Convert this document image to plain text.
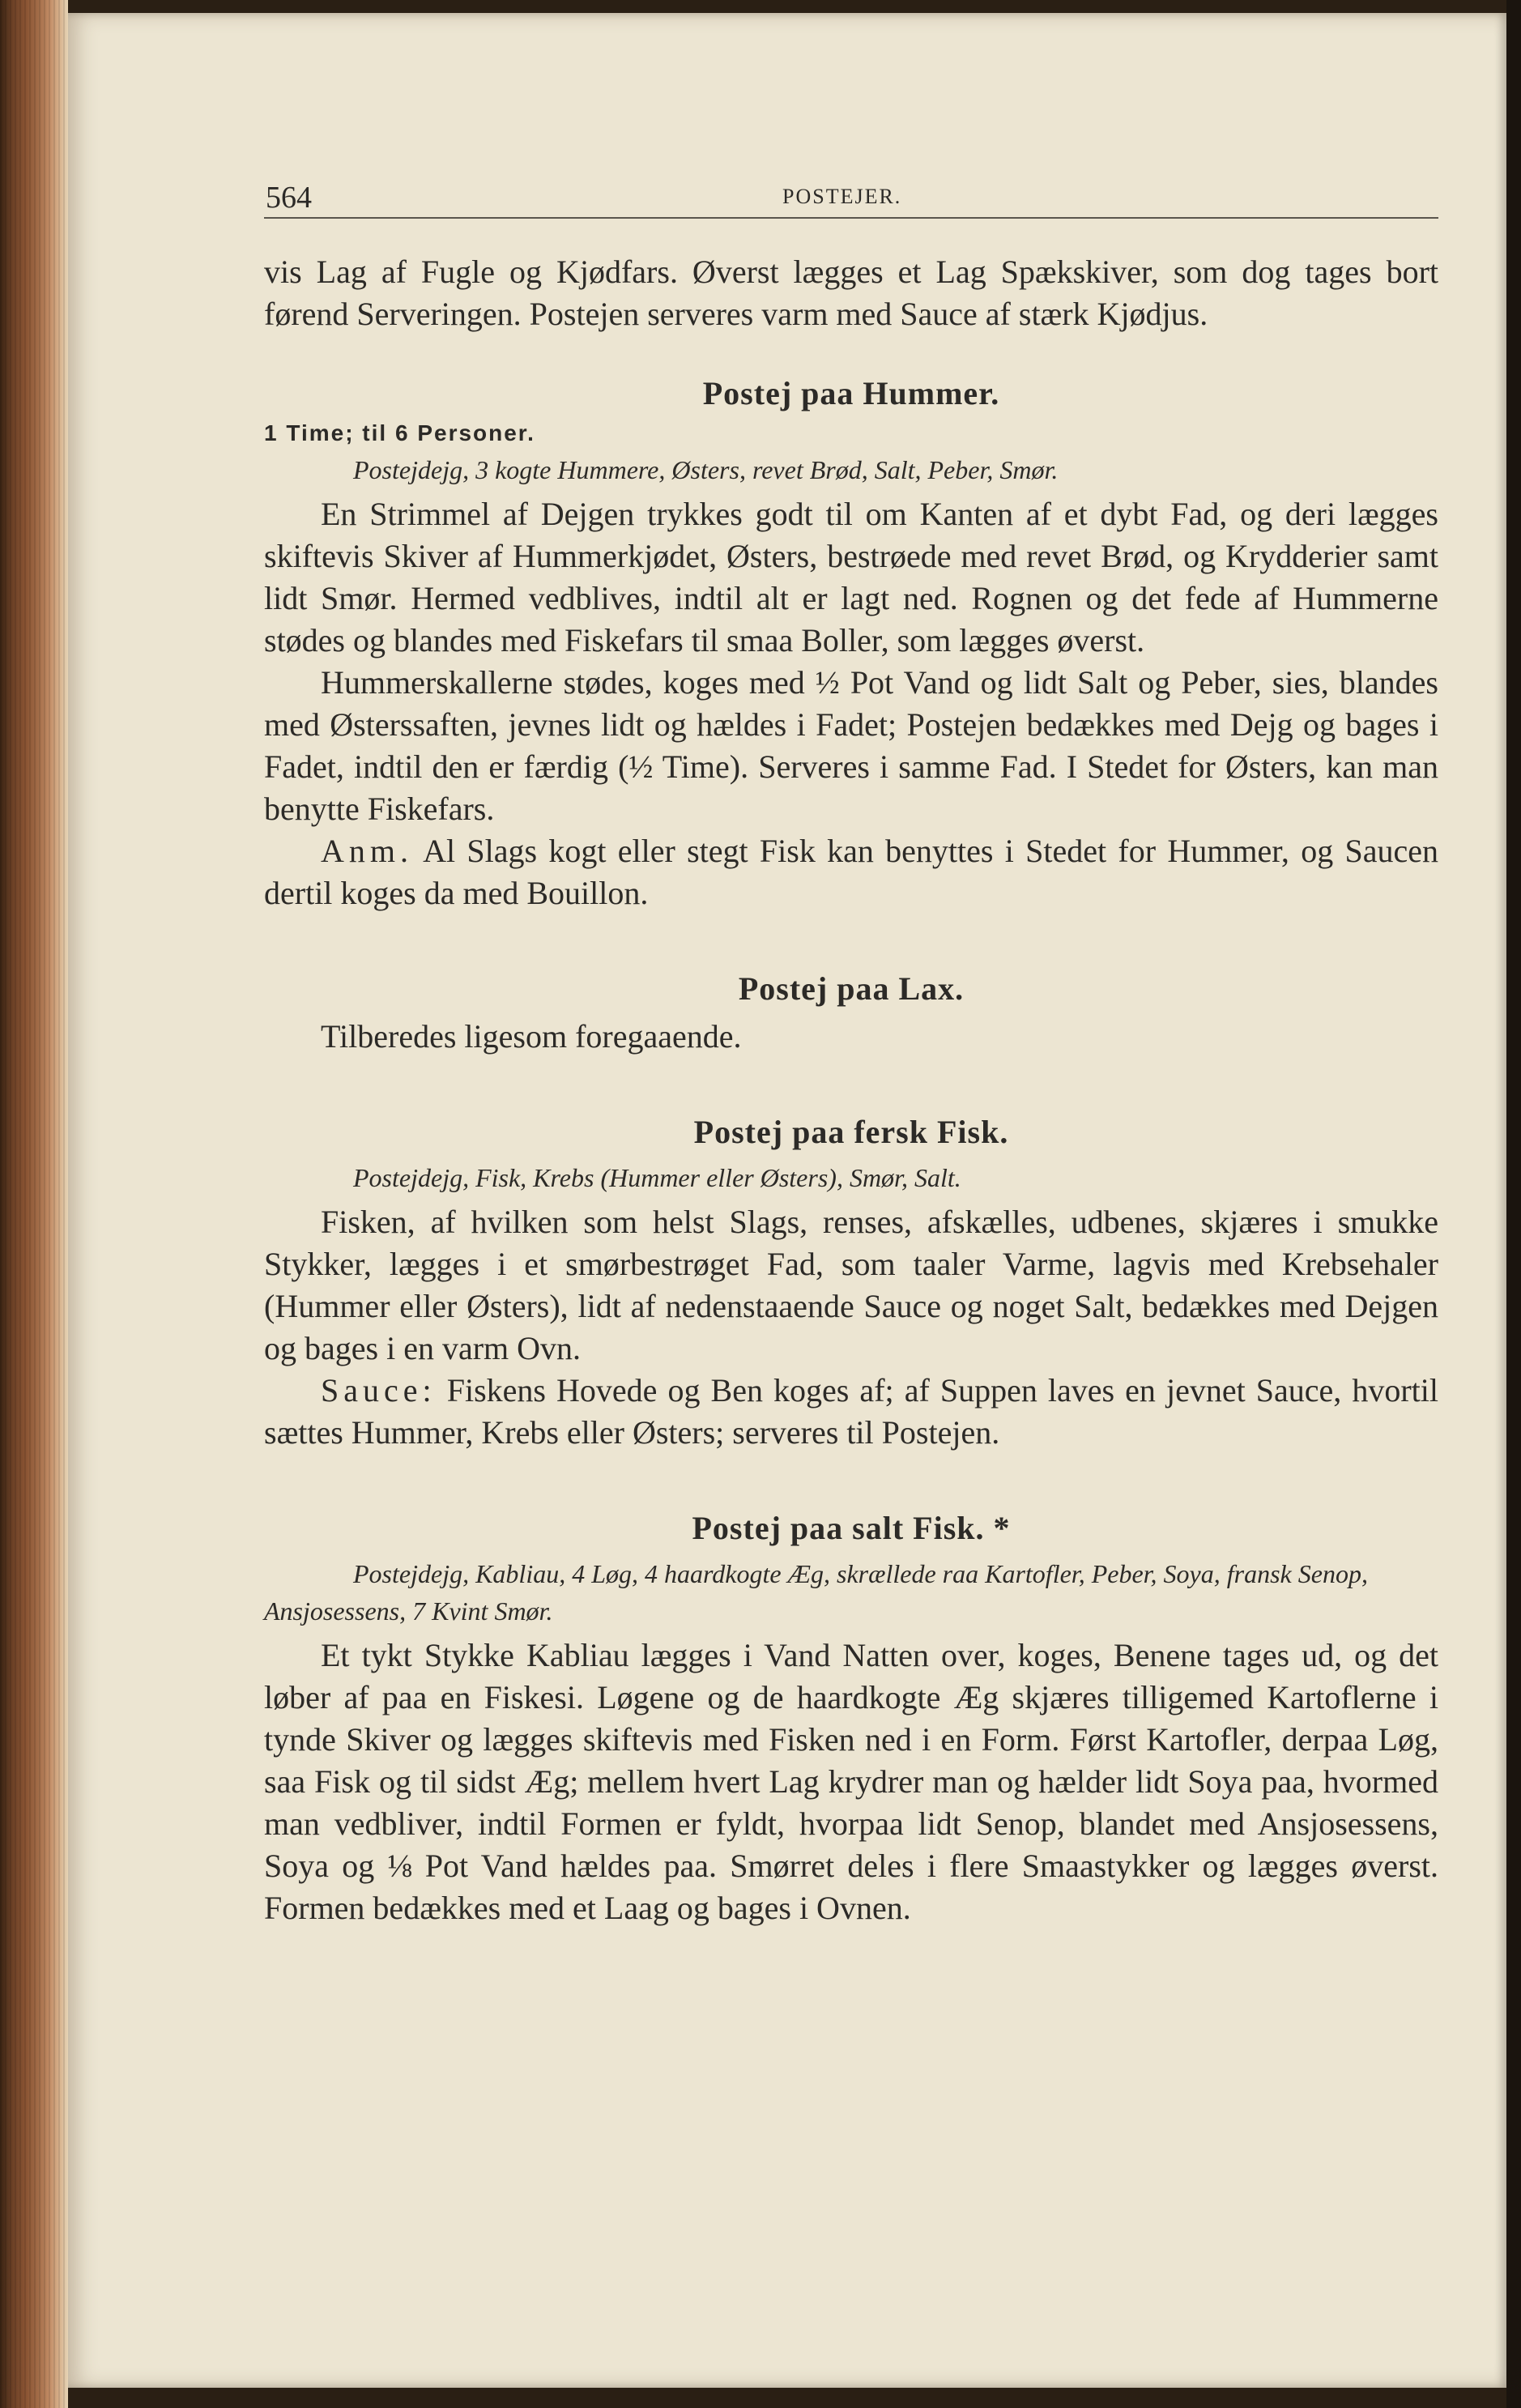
564	POSTEJER.

vis Lag af Fugle og Kjødfars. Øverst lægges et Lag Spækskiver, som dog tages bort førend Serveringen. Postejen serveres varm med Sauce af stærk Kjødjus.

Postej paa Hummer.
1 Time; til 6 Personer.

Postejdejg, 3 kogte Hummere, Østers, revet Brød, Salt, Peber, Smør.

En Strimmel af Dejgen trykkes godt til om Kanten af et dybt Fad, og deri lægges skiftevis Skiver af Hummerkjødet, Østers, bestrøede med revet Brød, og Krydderier samt lidt Smør. Hermed vedblives, indtil alt er lagt ned. Rognen og det fede af Hummerne stødes og blandes med Fiskefars til smaa Boller, som lægges øverst.

Hummerskallerne stødes, koges med ½ Pot Vand og lidt Salt og Peber, sies, blandes med Østerssaften, jevnes lidt og hældes i Fadet; Postejen bedækkes med Dejg og bages i Fadet, indtil den er færdig (½ Time). Serveres i samme Fad. I Stedet for Østers, kan man benytte Fiskefars.

Anm. Al Slags kogt eller stegt Fisk kan benyttes i Stedet for Hummer, og Saucen dertil koges da med Bouillon.

Postej paa Lax.

Tilberedes ligesom foregaaende.

Postej paa fersk Fisk.

Postejdejg, Fisk, Krebs (Hummer eller Østers), Smør, Salt.

Fisken, af hvilken som helst Slags, renses, afskælles, udbenes, skjæres i smukke Stykker, lægges i et smørbestrøget Fad, som taaler Varme, lagvis med Krebsehaler (Hummer eller Østers), lidt af nedenstaaende Sauce og noget Salt, bedækkes med Dejgen og bages i en varm Ovn.

Sauce: Fiskens Hovede og Ben koges af; af Suppen laves en jevnet Sauce, hvortil sættes Hummer, Krebs eller Østers; serveres til Postejen.

Postej paa salt Fisk. *

Postejdejg, Kabliau, 4 Løg, 4 haardkogte Æg, skrællede raa Kartofler, Peber, Soya, fransk Senop, Ansjosessens, 7 Kvint Smør.

Et tykt Stykke Kabliau lægges i Vand Natten over, koges, Benene tages ud, og det løber af paa en Fiskesi. Løgene og de haardkogte Æg skjæres tilligemed Kartoflerne i tynde Skiver og lægges skiftevis med Fisken ned i en Form. Først Kartofler, derpaa Løg, saa Fisk og til sidst Æg; mellem hvert Lag krydrer man og hælder lidt Soya paa, hvormed man vedbliver, indtil Formen er fyldt, hvorpaa lidt Senop, blandet med Ansjosessens, Soya og ⅛ Pot Vand hældes paa. Smørret deles i flere Smaastykker og lægges øverst. Formen bedækkes med et Laag og bages i Ovnen.
